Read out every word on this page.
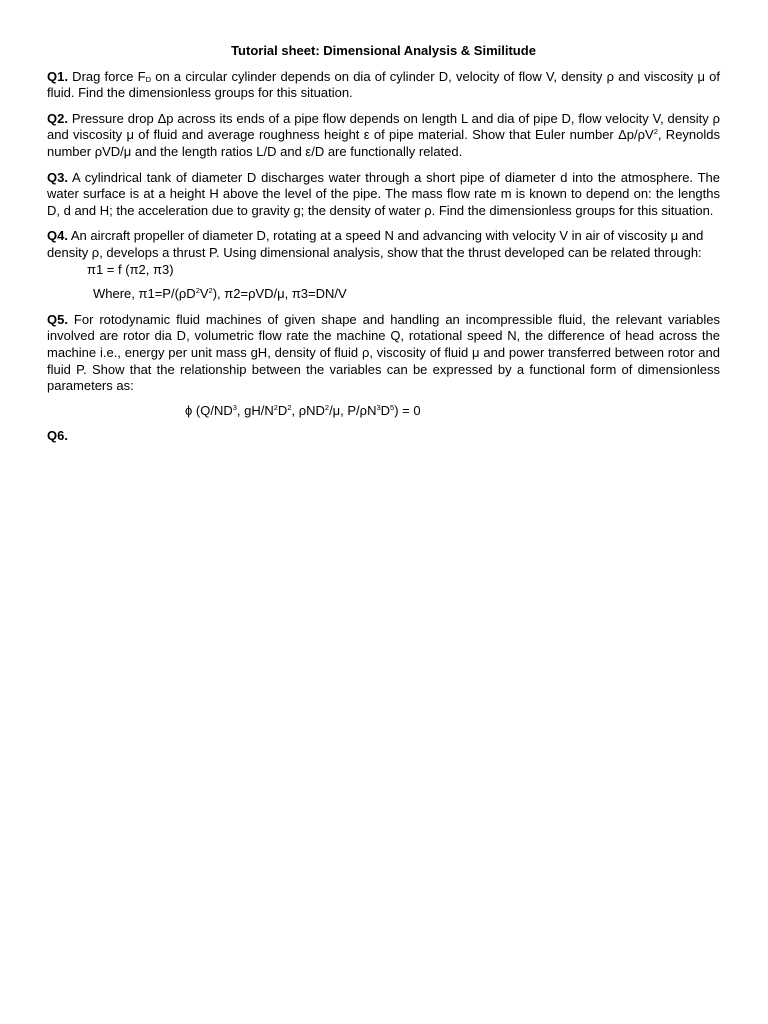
Tutorial sheet: Dimensional Analysis & Similitude

Q1. Drag force $F_D$ on a circular cylinder depends on dia of cylinder D, velocity of flow V, density ρ and viscosity μ of fluid. Find the dimensionless groups for this situation.

Q2. Pressure drop Δp across its ends of a pipe flow depends on length L and dia of pipe D, flow velocity V, density ρ and viscosity μ of fluid and average roughness height ε of pipe material. Show that Euler number $\Delta p/\rho V^2$, Reynolds number ρVD/μ and the length ratios L/D and ε/D are functionally related.

Q3. A cylindrical tank of diameter D discharges water through a short pipe of diameter d into the atmosphere. The water surface is at a height H above the level of the pipe. The mass flow rate m is known to depend on: the lengths D, d and H; the acceleration due to gravity g; the density of water ρ. Find the dimensionless groups for this situation.

Q4. An aircraft propeller of diameter D, rotating at a speed N and advancing with velocity V in air of viscosity μ and density ρ, develops a thrust P. Using dimensional analysis, show that the thrust developed can be related through:π1 = f (π2, π3)

Where, $\pi 1=P/(\rho D^2V^2)$, π2=ρVD/μ, π3=DN/V

Q5. For rotodynamic fluid machines of given shape and handling an incompressible fluid, the relevant variables involved are rotor dia D, volumetric flow rate the machine Q, rotational speed N, the difference of head across the machine i.e., energy per unit mass gH, density of fluid ρ, viscosity of fluid μ and power transferred between rotor and fluid P. Show that the relationship between the variables can be expressed by a functional form of dimensionless parameters as:

ϕ ($Q/ND^3$, $gH/N^2D^2$, ρND$^2$/μ, $P/\rho N^3D^5) = 0$

Q6.
